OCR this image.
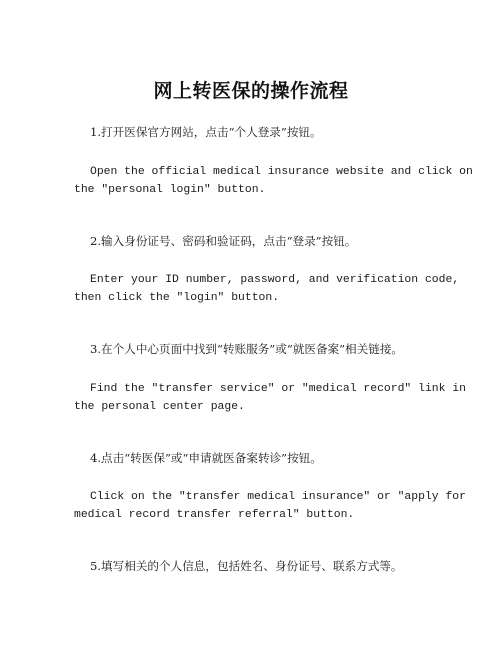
网上转医保的操作流程
1.打开医保官方网站，点击“个人登录”按钮。
Open the official medical insurance website and click on
the "personal login" button.
2.输入身份证号、密码和验证码，点击“登录”按钮。
Enter your ID number, password, and verification code,
then click the "login" button.
3.在个人中心页面中找到“转账服务”或“就医备案”相关链接。
Find the "transfer service" or "medical record" link in
the personal center page.
4.点击“转医保”或“申请就医备案转诊”按钮。
Click on the "transfer medical insurance" or "apply for
medical record transfer referral" button.
5.填写相关的个人信息，包括姓名、身份证号、联系方式等。
